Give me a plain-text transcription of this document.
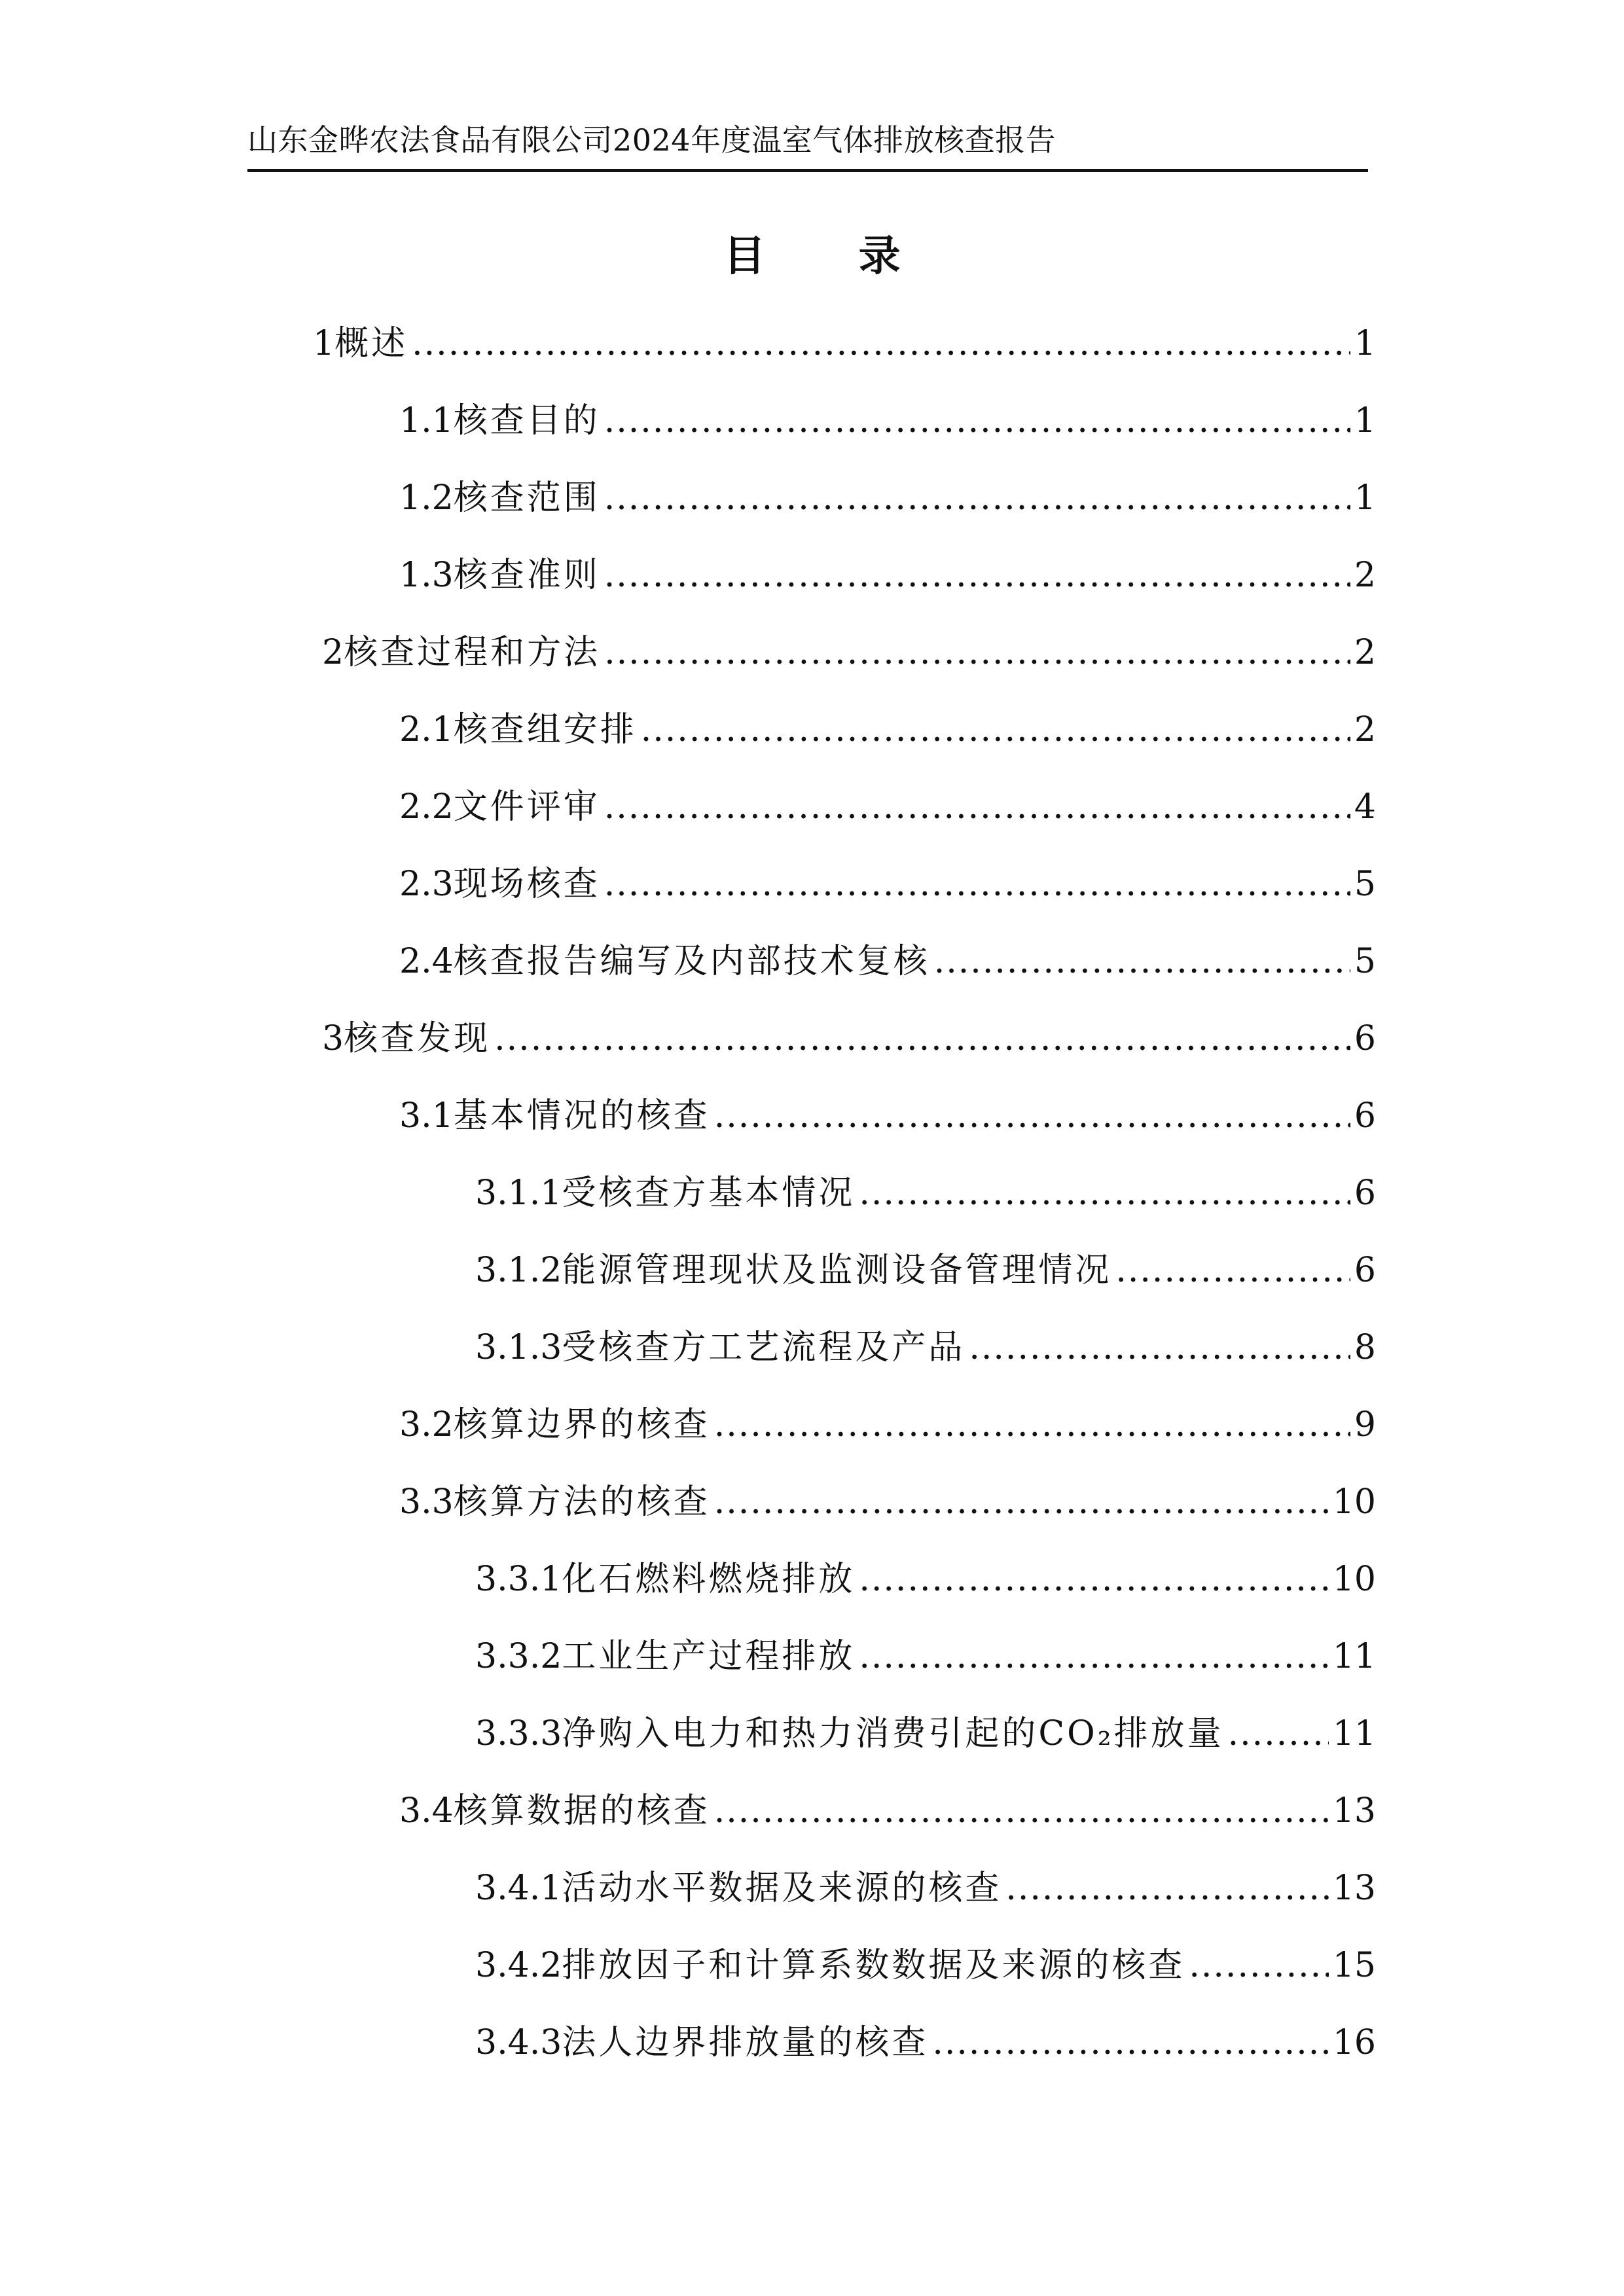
山东金晔农法食品有限公司2024年度温室气体排放核查报告
目 录
1 概述 .....	1
1.1 核查目的 .....	1
1.2 核查范围 .....	1
1.3 核查准则 .....	2
2 核查过程和方法 .....	2
2.1 核查组安排 .....	2
2.2 文件评审 .....	4
2.3 现场核查 .....	5
2.4 核查报告编写及内部技术复核 .....	5
3 核查发现 .....	6
3.1 基本情况的核查 .....	6
3.1.1 受核查方基本情况 .....	6
3.1.2 能源管理现状及监测设备管理情况 .....	6
3.1.3 受核查方工艺流程及产品 .....	8
3.2 核算边界的核查 .....	9
3.3 核算方法的核查 .....	10
3.3.1 化石燃料燃烧排放 .....	10
3.3.2 工业生产过程排放 .....	11
3.3.3 净购入电力和热力消费引起的CO₂排放量 .....	11
3.4 核算数据的核查 .....	13
3.4.1 活动水平数据及来源的核查 .....	13
3.4.2 排放因子和计算系数数据及来源的核查 .....	15
3.4.3 法人边界排放量的核查 .....	16
